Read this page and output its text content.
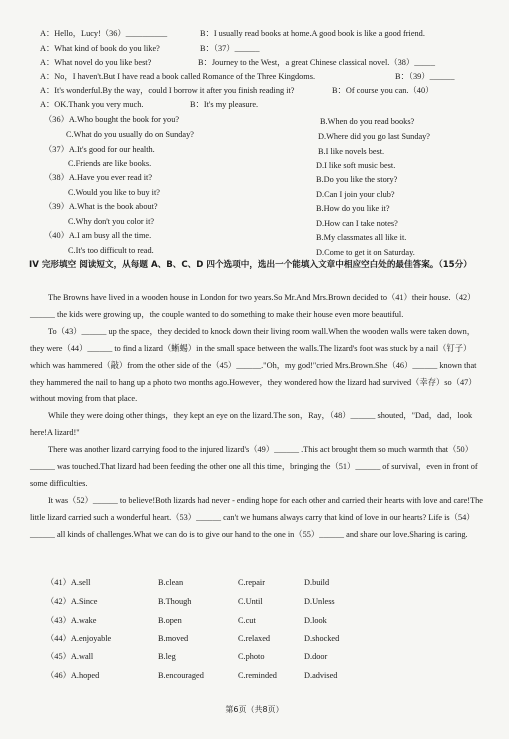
A：Hello，Lucy!（36）__________	B：I usually read books at home.A good book is like a good friend.
A：What kind of book do you like?	B：（37）______
A：What novel do you like best?	B：Journey to the West，a great Chinese classical novel.（38）_____
A：No，I haven't.But I have read a book called Romance of the Three Kingdoms.	B：（39）______
A：It's wonderful.By the way，could I borrow it after you finish reading it?	B：Of course you can.（40）
A：OK.Thank you very much.	B：It's my pleasure.
（36）A.Who bought the book for you?	B.When do you read books?
C.What do you usually do on Sunday?	D.Where did you go last Sunday?
（37）A.It's good for our health.	B.I like novels best.
C.Friends are like books.	D.I like soft music best.
（38）A.Have you ever read it?	B.Do you like the story?
C.Would you like to buy it?	D.Can I join your club?
（39）A.What is the book about?	B.How do you like it?
C.Why don't you color it?	D.How can I take notes?
（40）A.I am busy all the time.	B.My classmates all like it.
C.It's too difficult to read.	D.Come to get it on Saturday.
IV 完形填空 阅读短文，从每题 A、B、C、D 四个选项中，选出一个能填入文章中相应空白处的最佳答案。（15分）

The Browns have lived in a wooden house in London for two years.So Mr.And Mrs.Brown decided to（41）their house.（42）______ the kids were growing up，the couple wanted to do something to make their house even more beautiful.

To（43）______ up the space，they decided to knock down their living room wall.When the wooden walls were taken down，they were（44）______ to find a lizard（蜥蜴）in the small space between the walls.The lizard's foot was stuck by a nail（钉子）which was hammered（敲）from the other side of the（45）______."Oh，my god!"cried Mrs.Brown.She（46）______ known that they hammered the nail to hang up a photo two months ago.However，they wondered how the lizard had survived（幸存）so（47）without moving from that place.

While they were doing other things，they kept an eye on the lizard.The son，Ray，（48）______ shouted，"Dad，dad，look here!A lizard!"

There was another lizard carrying food to the injured lizard's（49）______ .This act brought them so much warmth that（50）______ was touched.That lizard had been feeding the other one all this time，bringing the（51）______ of survival，even in front of some difficulties.

It was（52）______ to believe!Both lizards had never - ending hope for each other and carried their hearts with love and care!The little lizard carried such a wonderful heart.（53）______ can't we humans always carry that kind of love in our hearts? Life is（54）______ all kinds of challenges.What we can do is to give our hand to the one in（55）______ and share our love.Sharing is caring.

（41）A.sell	B.clean	C.repair	D.build
（42）A.Since	B.Though	C.Until	D.Unless
（43）A.wake	B.open	C.cut	D.look
（44）A.enjoyable	B.moved	C.relaxed	D.shocked
（45）A.wall	B.leg	C.photo	D.door
（46）A.hoped	B.encouraged	C.reminded	D.advised
第6页（共8页）
